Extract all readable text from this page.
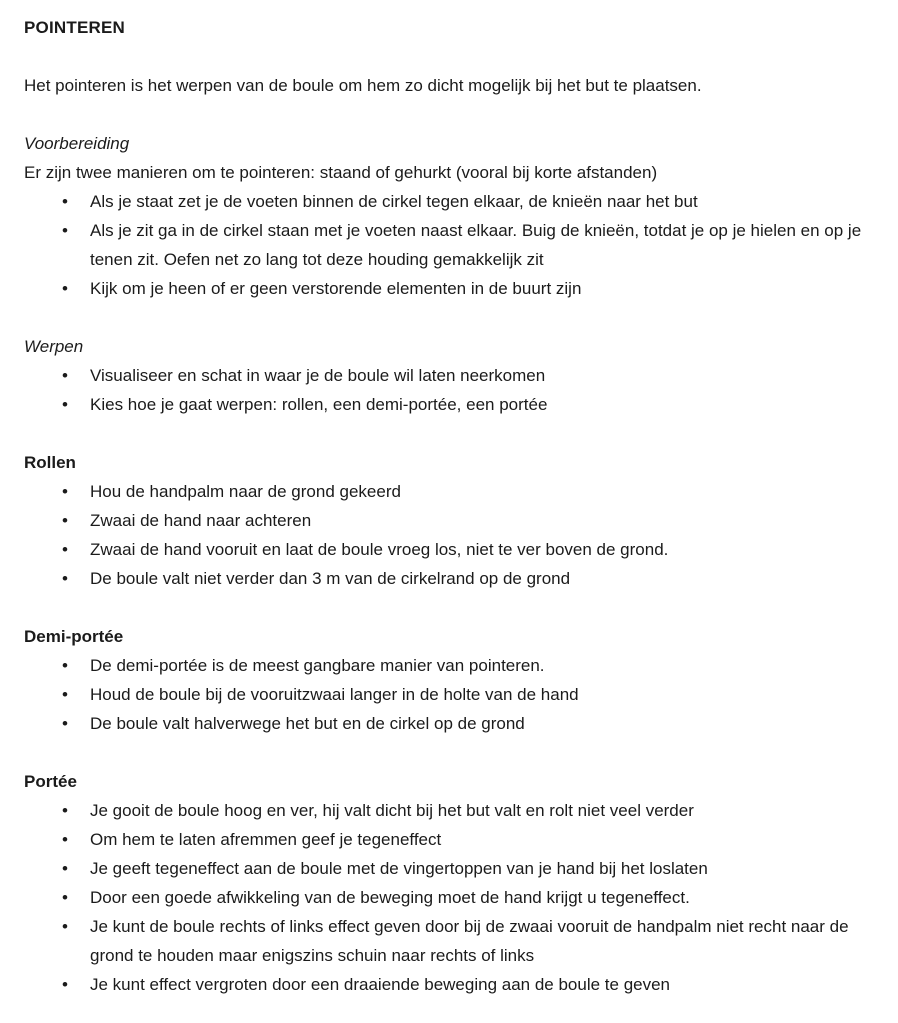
POINTEREN

Het pointeren is het werpen van de boule om hem zo dicht mogelijk bij het but te plaatsen.

Voorbereiding

Er zijn twee manieren om te pointeren: staand of gehurkt (vooral bij korte afstanden)

•	Als je staat zet je de voeten binnen de cirkel tegen elkaar, de knieën naar het but
•	Als je zit ga in de cirkel staan met je voeten naast elkaar. Buig de knieën, totdat je op je hielen en op je tenen zit. Oefen net zo lang tot deze houding gemakkelijk zit
•	Kijk om je heen of er geen verstorende elementen in de buurt zijn
Werpen
•	Visualiseer en schat in waar je de boule wil laten neerkomen
•	Kies hoe je gaat werpen: rollen, een demi-portée, een portée
Rollen
•	Hou de handpalm naar de grond gekeerd
•	Zwaai de hand naar achteren
•	Zwaai de hand vooruit en laat de boule vroeg los, niet te ver boven de grond.
•	De boule valt niet verder dan 3 m van de cirkelrand op de grond
Demi-portée
•	De demi-portée is de meest gangbare manier van pointeren.
•	Houd de boule bij de vooruitzwaai langer in de holte van de hand
•	De boule valt halverwege het but en de cirkel op de grond
Portée
•	Je gooit de boule hoog en ver, hij valt dicht bij het but valt en rolt niet veel verder
•	Om hem te laten afremmen geef je tegeneffect
•	Je geeft tegeneffect aan de boule met de vingertoppen van je hand bij het loslaten
•	Door een goede afwikkeling van de beweging moet de hand krijgt u tegeneffect.
•	Je kunt de boule rechts of links effect geven door bij de zwaai vooruit de handpalm niet recht naar de grond te houden maar enigszins schuin naar rechts of links
•	Je kunt effect vergroten door een draaiende beweging aan de boule te geven
